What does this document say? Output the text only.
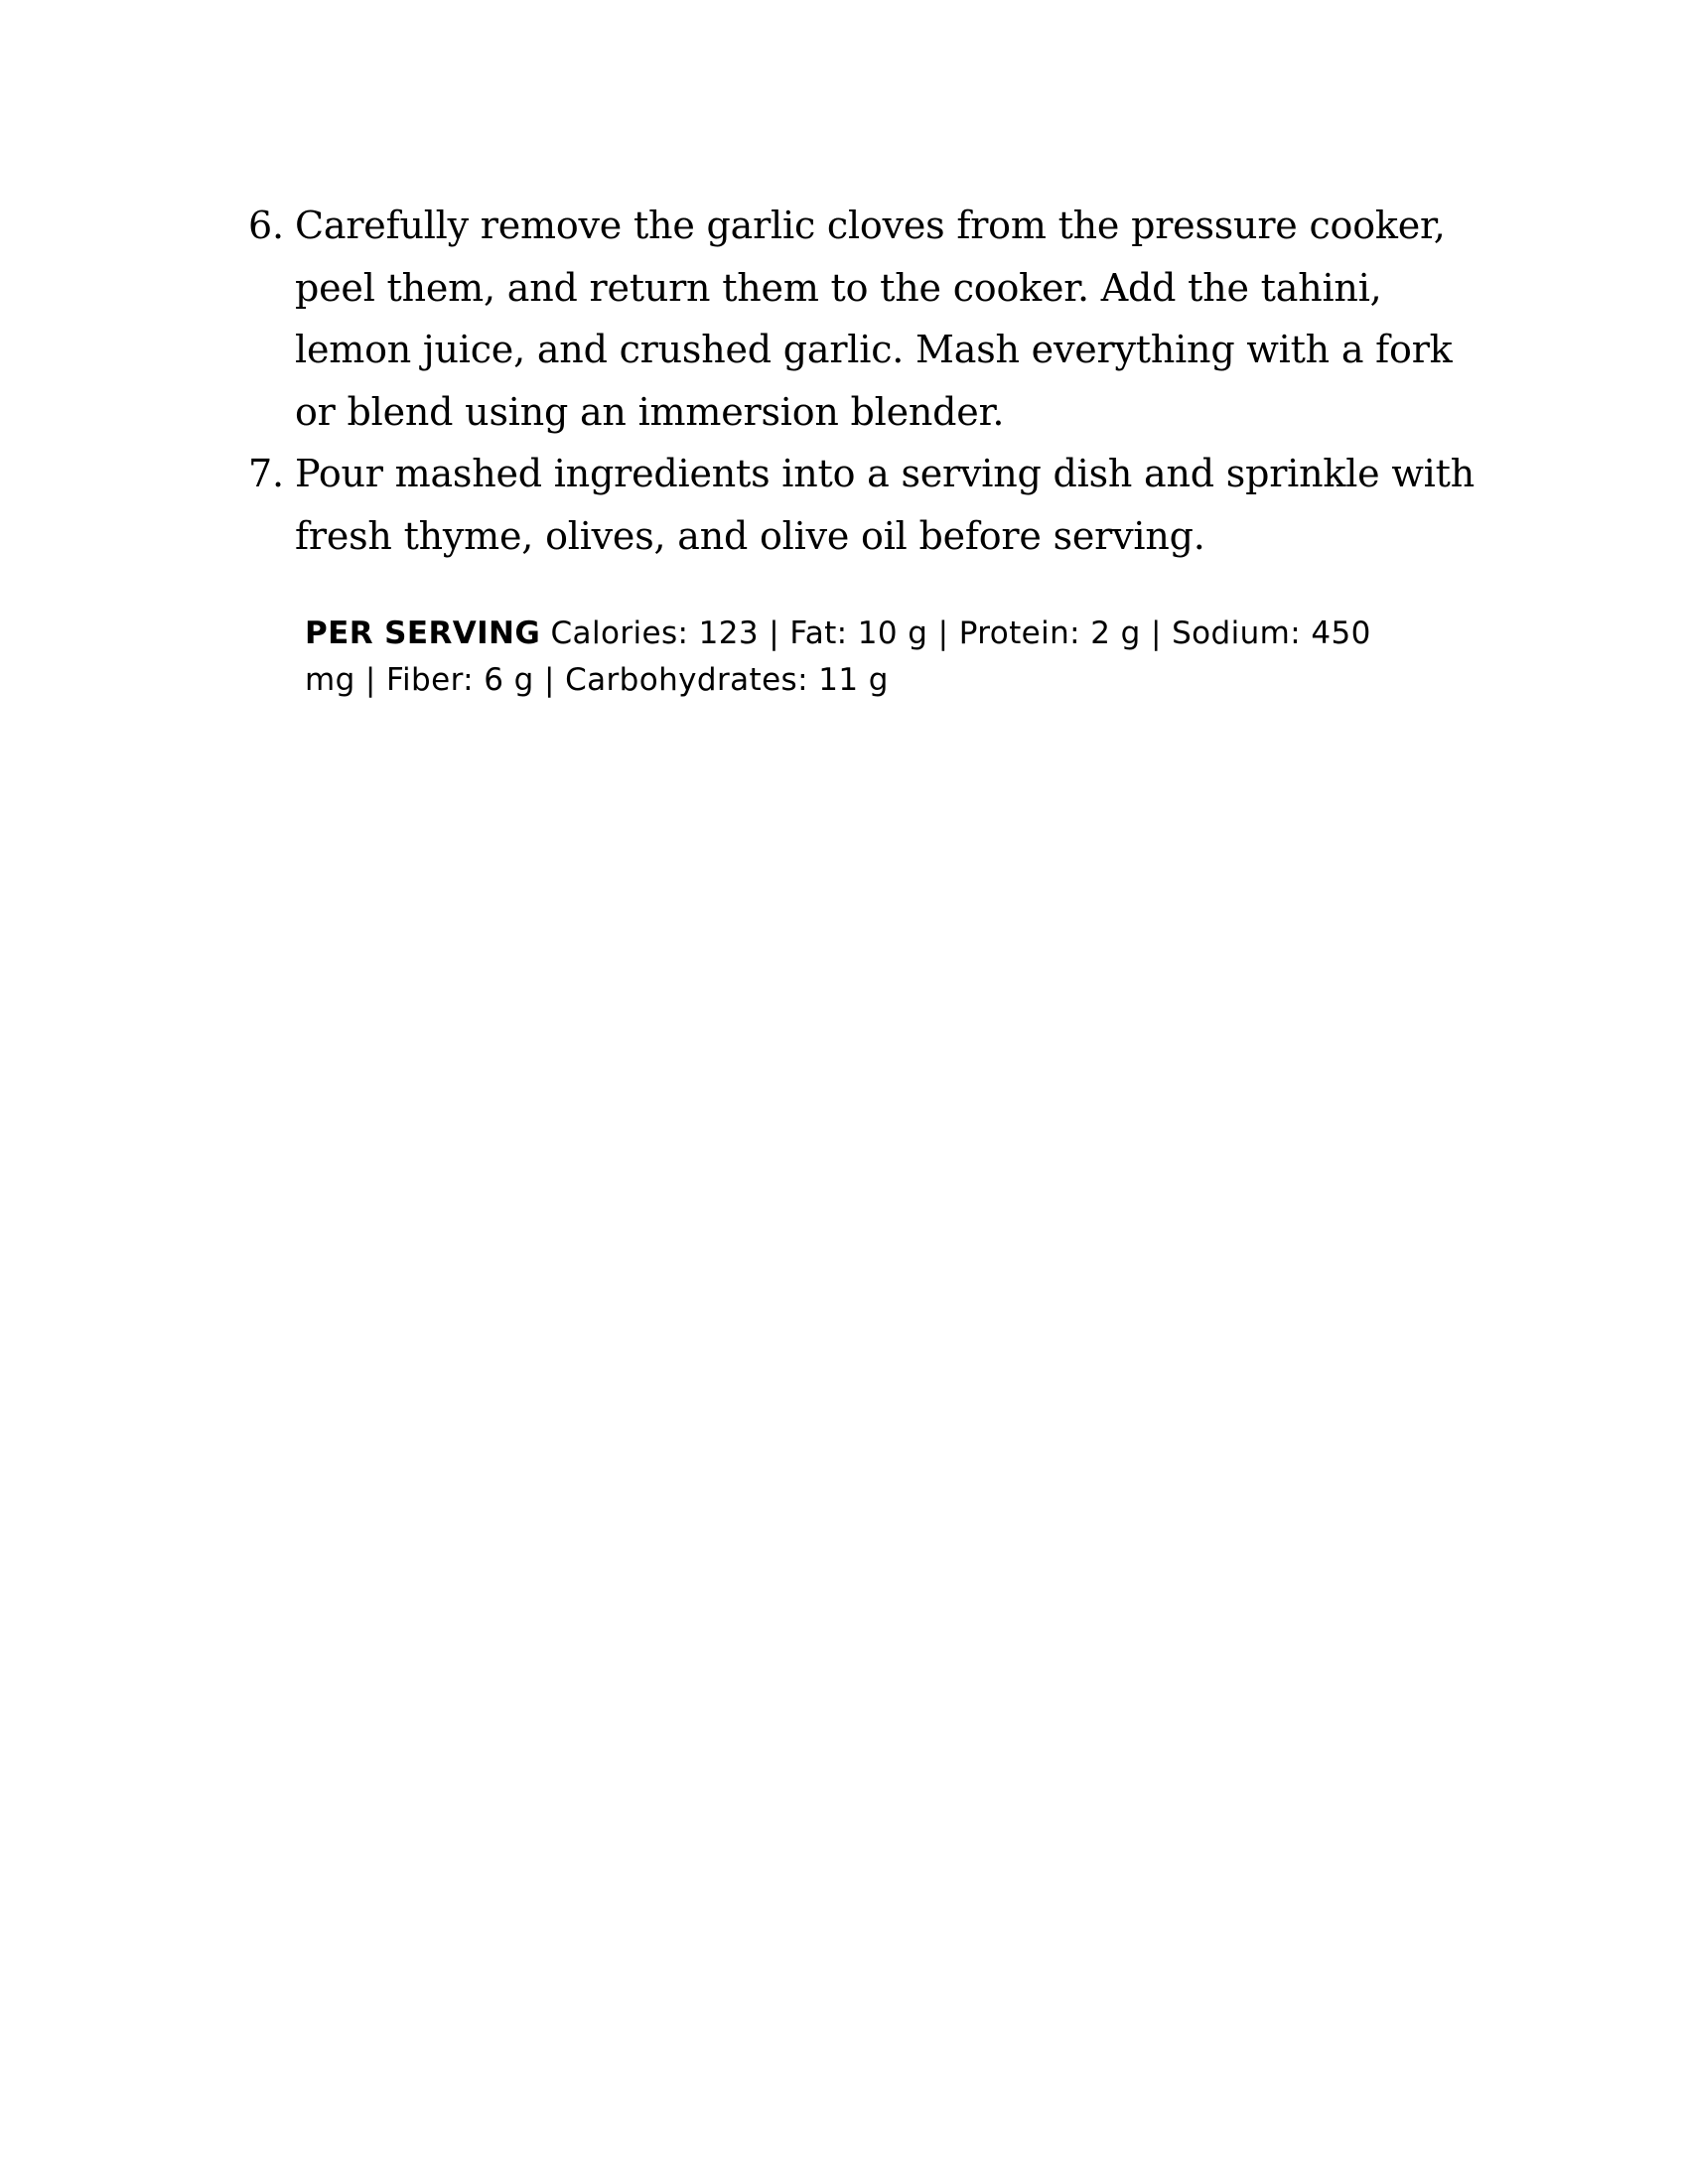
6. Carefully remove the garlic cloves from the pressure cooker, peel them, and return them to the cooker. Add the tahini, lemon juice, and crushed garlic. Mash everything with a fork or blend using an immersion blender.
7. Pour mashed ingredients into a serving dish and sprinkle with fresh thyme, olives, and olive oil before serving.

PER SERVING Calories: 123 | Fat: 10 g | Protein: 2 g | Sodium: 450 mg | Fiber: 6 g | Carbohydrates: 11 g
